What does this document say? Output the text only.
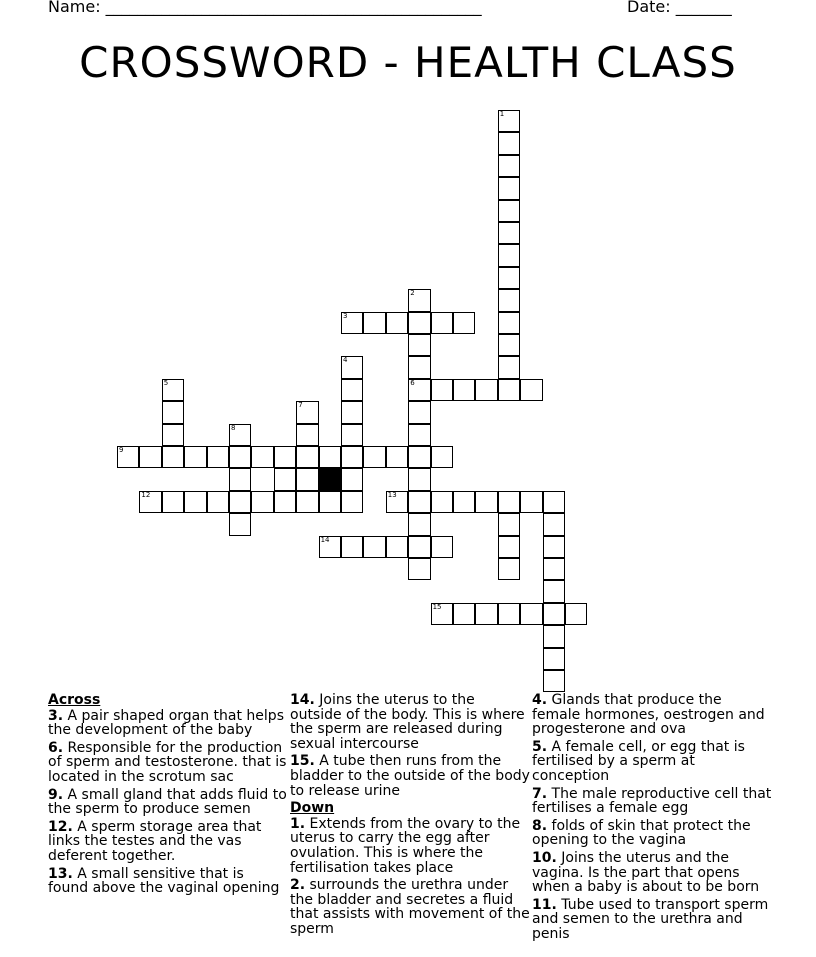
Name: _______________________________________________	Date: _______
CROSSWORD - HEALTH CLASS
1
2
6
3
4
5
7
8
9
12	13
14
15
Across
3. A pair shaped organ that helps the development of the baby
6. Responsible for the production of sperm and testosterone. that is located in the scrotum sac
9. A small gland that adds fluid to the sperm to produce semen
12. A sperm storage area that links the testes and the vas deferent together.
13. A small sensitive that is found above the vaginal opening
14. Joins the uterus to the outside of the body. This is where the sperm are released during sexual intercourse
15. A tube then runs from the bladder to the outside of the body to release urine
Down
1. Extends from the ovary to the uterus to carry the egg after ovulation. This is where the fertilisation takes place
2. surrounds the urethra under the bladder and secretes a fluid that assists with movement of the sperm
4. Glands that produce the female hormones, oestrogen and progesterone and ova
5. A female cell, or egg that is fertilised by a sperm at conception
7. The male reproductive cell that fertilises a female egg
8. folds of skin that protect the opening to the vagina
10. Joins the uterus and the vagina. Is the part that opens when a baby is about to be born
11. Tube used to transport sperm and semen to the urethra and penis
